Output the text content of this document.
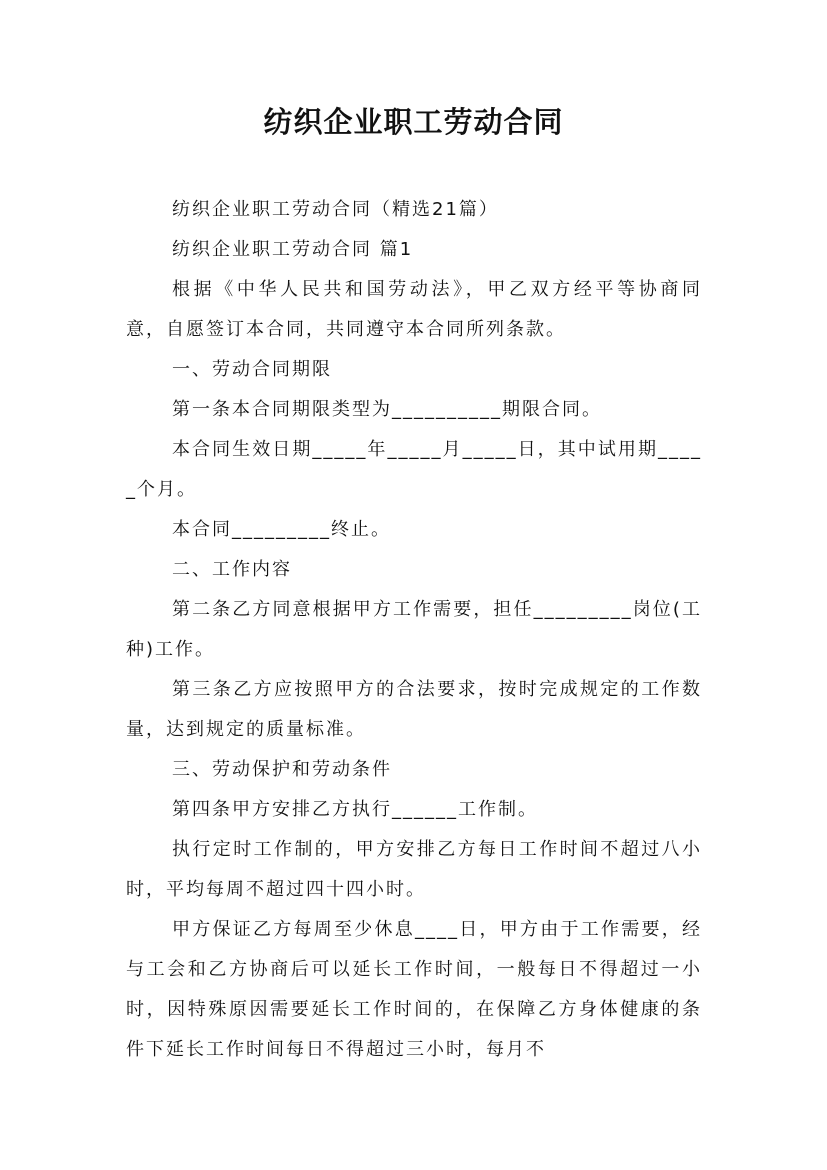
纺织企业职工劳动合同

纺织企业职工劳动合同（精选21篇）

纺织企业职工劳动合同 篇1

根据《中华人民共和国劳动法》，甲乙双方经平等协商同意，自愿签订本合同，共同遵守本合同所列条款。

一、劳动合同期限

第一条本合同期限类型为__________期限合同。

本合同生效日期_____年_____月_____日，其中试用期_____个月。

本合同_________终止。

二、工作内容

第二条乙方同意根据甲方工作需要，担任_________岗位(工种)工作。

第三条乙方应按照甲方的合法要求，按时完成规定的工作数量，达到规定的质量标准。

三、劳动保护和劳动条件

第四条甲方安排乙方执行______工作制。

执行定时工作制的，甲方安排乙方每日工作时间不超过八小时，平均每周不超过四十四小时。

甲方保证乙方每周至少休息____日，甲方由于工作需要，经与工会和乙方协商后可以延长工作时间，一般每日不得超过一小时，因特殊原因需要延长工作时间的，在保障乙方身体健康的条件下延长工作时间每日不得超过三小时，每月不
